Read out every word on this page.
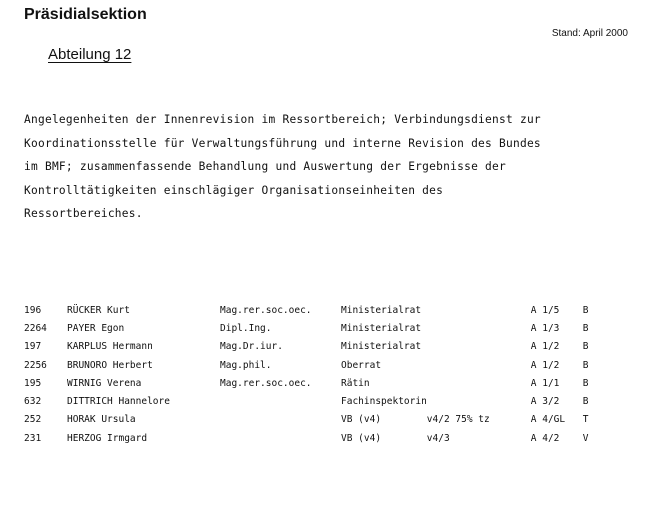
Präsidialsektion
Stand: April 2000
Abteilung 12
Angelegenheiten der Innenrevision im Ressortbereich; Verbindungsdienst zur
Koordinationsstelle für Verwaltungsführung und interne Revision des Bundes
im BMF; zusammenfassende Behandlung und Auswertung der Ergebnisse der
Kontrolltätigkeiten einschlägiger Organisationseinheiten des
Ressortbereiches.
196	RÜCKER Kurt	Mag.rer.soc.oec.	Ministerialrat		A 1/5	B
2264	PAYER Egon	Dipl.Ing.	Ministerialrat		A 1/3	B
197	KARPLUS Hermann	Mag.Dr.iur.	Ministerialrat		A 1/2	B
2256	BRUNORO Herbert	Mag.phil.	Oberrat		A 1/2	B
195	WIRNIG Verena	Mag.rer.soc.oec.	Rätin		A 1/1	B
632	DITTRICH Hannelore		Fachinspektorin		A 3/2	B
252	HORAK Ursula		VB (v4)	v4/2 75% tz	A 4/GL	T
231	HERZOG Irmgard		VB (v4)	v4/3	A 4/2	V
